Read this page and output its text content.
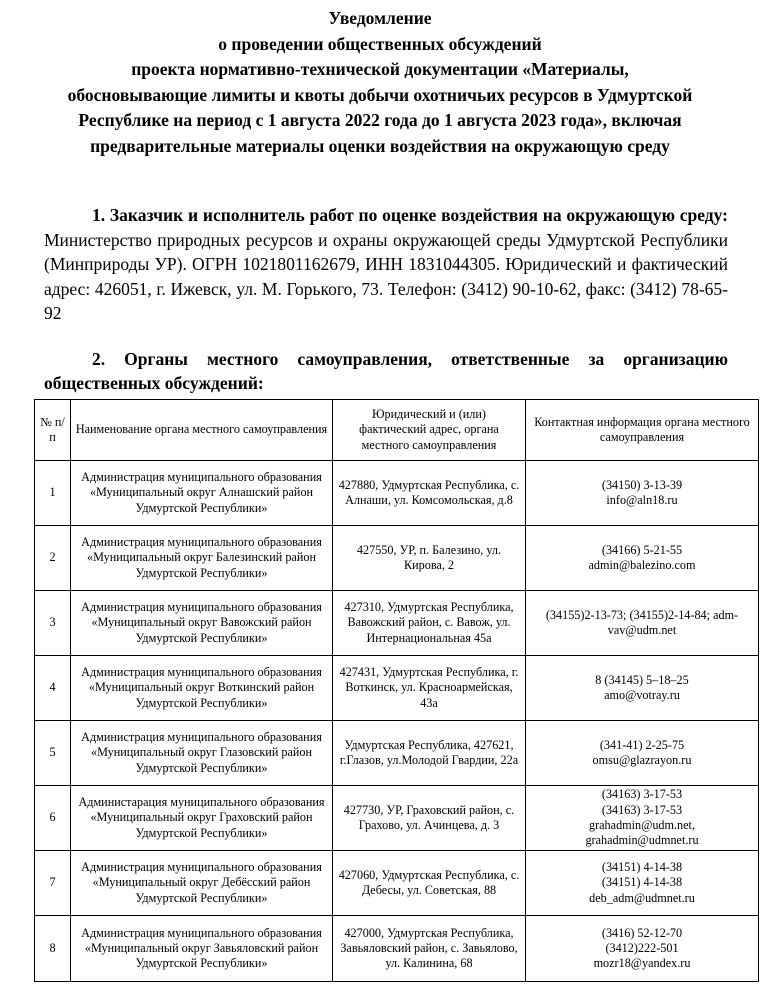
Уведомление
о проведении общественных обсуждений
проекта нормативно-технической документации «Материалы,
обосновывающие лимиты и квоты добычи охотничьих ресурсов в Удмуртской
Республике на период с 1 августа 2022 года до 1 августа 2023 года», включая
предварительные материалы оценки воздействия на окружающую среду
1. Заказчик и исполнитель работ по оценке воздействия на окружающую среду: Министерство природных ресурсов и охраны окружающей среды Удмуртской Республики (Минприроды УР). ОГРН 1021801162679, ИНН 1831044305. Юридический и фактический адрес: 426051, г. Ижевск, ул. М. Горького, 73. Телефон: (3412) 90-10-62, факс: (3412) 78-65-92
2. Органы местного самоуправления, ответственные за организацию общественных обсуждений:
№ п/п	Наименование органа местного самоуправления	Юридический и (или) фактический адрес, органа местного самоуправления	Контактная информация органа местного самоуправления
1	Администрация муниципального образования «Муниципальный округ Алнашский район Удмуртской Республики»	427880, Удмуртская Республика, с. Алнаши, ул. Комсомольская, д.8	(34150) 3-13-39
info@aln18.ru
2	Администрация муниципального образования «Муниципальный округ Балезинский район Удмуртской Республики»	427550, УР, п. Балезино, ул. Кирова, 2	(34166) 5-21-55
admin@balezino.com
3	Администрация муниципального образования «Муниципальный округ Вавожский район Удмуртской Республики»	427310, Удмуртская Республика, Вавожский район, с. Вавож, ул. Интернациональная 45а	(34155)2-13-73; (34155)2-14-84; adm-vav@udm.net
4	Администрация муниципального образования «Муниципальный округ Воткинский район Удмуртской Республики»	427431, Удмуртская Республика, г. Воткинск, ул. Красноармейская, 43а	8 (34145) 5–18–25
amo@votray.ru
5	Администрация муниципального образования «Муниципальный округ Глазовский район Удмуртской Республики»	Удмуртская Республика, 427621, г.Глазов, ул.Молодой Гвардии, 22а	(341-41) 2-25-75
omsu@glazrayon.ru
6	Администарация муниципального образования «Муниципальный округ Граховский район Удмуртской Республики»	427730, УР, Граховский район, с. Грахово, ул. Ачинцева, д. 3	(34163) 3-17-53
(34163) 3-17-53
grahadmin@udm.net,
grahadmin@udmnet.ru
7	Администрация муниципального образования «Муниципальный округ Дебёсский район Удмуртской Республики»	427060, Удмуртская Республика, с. Дебесы, ул. Советская, 88	(34151) 4-14-38
(34151) 4-14-38
deb_adm@udmnet.ru
8	Администрация муниципального образования «Муниципальный округ Завьяловский район Удмуртской Республики»	427000, Удмуртская Республика, Завьяловский район, с. Завьялово, ул. Калинина, 68	(3416) 52-12-70
(3412)222-501
mozr18@yandex.ru
